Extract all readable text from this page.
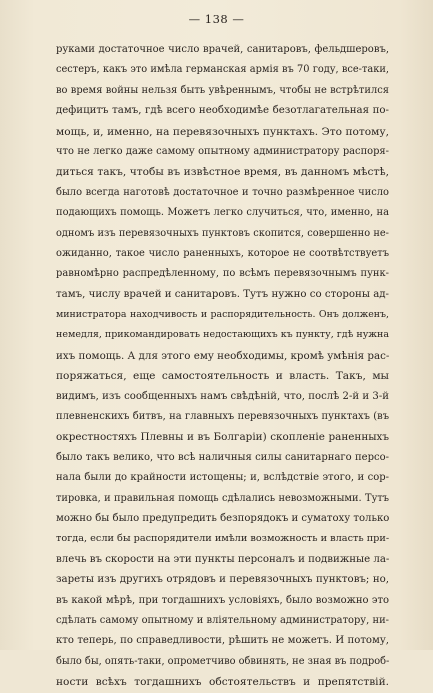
— 138 —
руками достаточное число врачей, санитаровъ, фельдшеровъ,
сестеръ, какъ это имѣла германская армія въ 70 году, все-таки,
во время войны нельзя быть увѣреннымъ, чтобы не встрѣтился
дефицитъ тамъ, гдѣ всего необходимѣе безотлагательная по-
мощь, и, именно, на перевязочныхъ пунктахъ. Это потому,
что не легко даже самому опытному администратору распоря-
диться такъ, чтобы въ извѣстное время, въ данномъ мѣстѣ,
было всегда наготовѣ достаточное и точно размѣренное число
подающихъ помощь. Можетъ легко случиться, что, именно, на
одномъ изъ перевязочныхъ пунктовъ скопится, совершенно не-
ожиданно, такое число раненныхъ, которое не соотвѣтствуетъ
равномѣрно распредѣленному, по всѣмъ перевязочнымъ пунк-
тамъ, числу врачей и санитаровъ. Тутъ нужно со стороны ад-
министратора находчивость и распорядительность. Онъ долженъ,
немедля, прикомандировать недостающихъ къ пункту, гдѣ нужна
ихъ помощь. А для этого ему необходимы, кромѣ умѣнія рас-
поряжаться, еще самостоятельность и власть. Такъ, мы
видимъ, изъ сообщенныхъ намъ свѣдѣній, что, послѣ 2-й и 3-й
плевненскихъ битвъ, на главныхъ перевязочныхъ пунктахъ (въ
окрестностяхъ Плевны и въ Болгаріи) скопленіе раненныхъ
было такъ велико, что всѣ наличныя силы санитарнаго персо-
нала были до крайности истощены; и, вслѣдствіе этого, и сор-
тировка, и правильная помощь сдѣлались невозможными. Тутъ
можно бы было предупредить безпорядокъ и суматоху только
тогда, если бы распорядители имѣли возможность и власть при-
влечь въ скорости на эти пункты персоналъ и подвижные ла-
зареты изъ другихъ отрядовъ и перевязочныхъ пунктовъ; но,
въ какой мѣрѣ, при тогдашнихъ условіяхъ, было возможно это
сдѣлать самому опытному и вліятельному администратору, ни-
кто теперь, по справедливости, рѣшить не можетъ. И потому,
было бы, опять-таки, опрометчиво обвинять, не зная въ подроб-
ности всѣхъ тогдашнихъ обстоятельствъ и препятствій.
